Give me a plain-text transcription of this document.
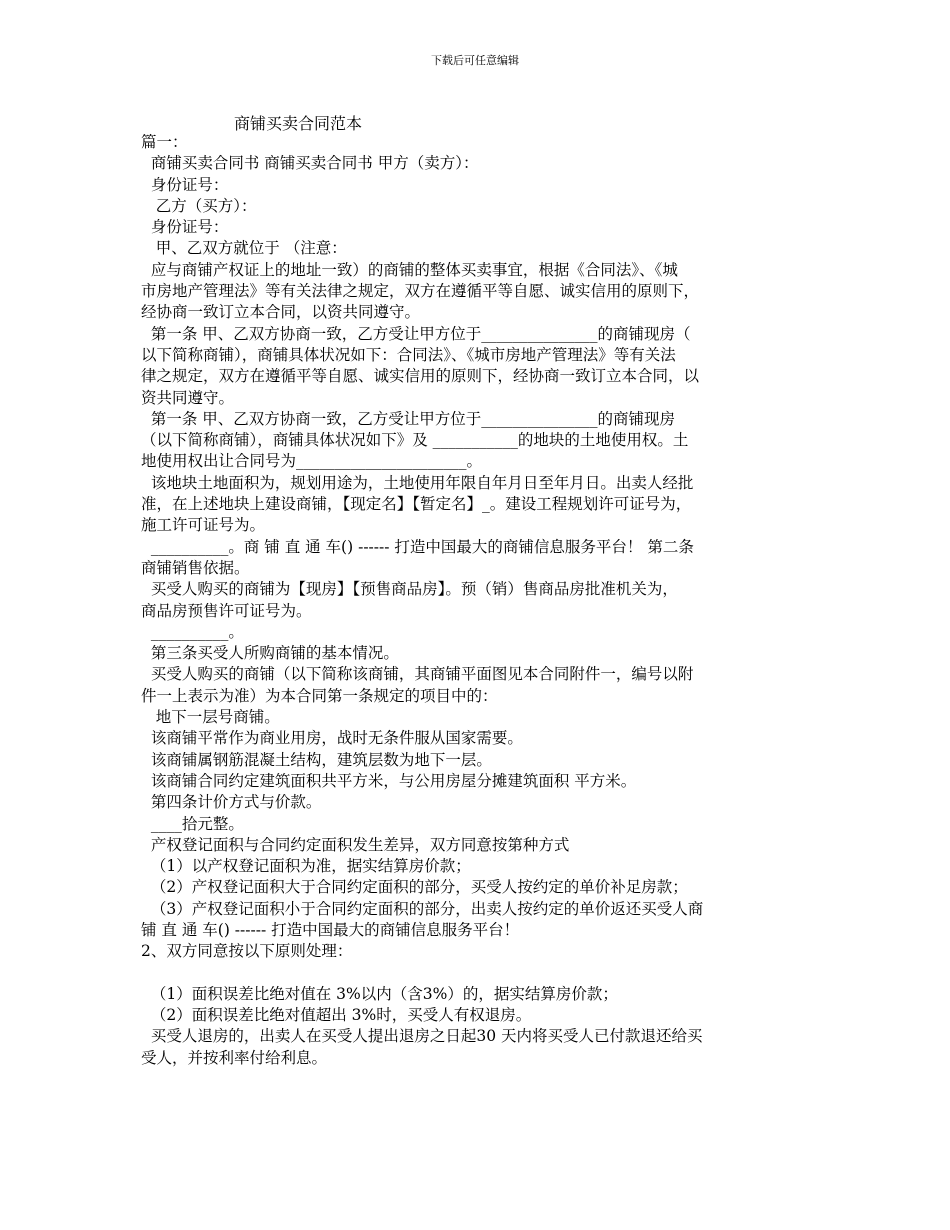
下载后可任意编辑
商铺买卖合同范本
篇一：
商铺买卖合同书 商铺买卖合同书 甲方（卖方）：
身份证号：
乙方（买方）：
身份证号：
甲、乙双方就位于 （注意：
应与商铺产权证上的地址一致）的商铺的整体买卖事宜，根据《合同法》、《城
市房地产管理法》等有关法律之规定，双方在遵循平等自愿、诚实信用的原则下，
经协商一致订立本合同，以资共同遵守。
第一条 甲、乙双方协商一致，乙方受让甲方位于_______________的商铺现房（
以下简称商铺），商铺具体状况如下：合同法》、《城市房地产管理法》等有关法
律之规定，双方在遵循平等自愿、诚实信用的原则下，经协商一致订立本合同，以
资共同遵守。
第一条 甲、乙双方协商一致，乙方受让甲方位于_______________的商铺现房
（以下简称商铺），商铺具体状况如下》及 ___________的地块的土地使用权。土
地使用权出让合同号为______________________。
该地块土地面积为，规划用途为，土地使用年限自年月日至年月日。出卖人经批
准，在上述地块上建设商铺，【现定名】【暂定名】_。建设工程规划许可证号为，
施工许可证号为。
__________。商 铺 直 通 车() ------ 打造中国最大的商铺信息服务平台！ 第二条
商铺销售依据。
买受人购买的商铺为【现房】【预售商品房】。预（销）售商品房批准机关为，
商品房预售许可证号为。
__________。
第三条买受人所购商铺的基本情况。
买受人购买的商铺（以下简称该商铺，其商铺平面图见本合同附件一，编号以附
件一上表示为准）为本合同第一条规定的项目中的：
地下一层号商铺。
该商铺平常作为商业用房，战时无条件服从国家需要。
该商铺属钢筋混凝土结构，建筑层数为地下一层。
该商铺合同约定建筑面积共平方米，与公用房屋分摊建筑面积 平方米。
第四条计价方式与价款。
____拾元整。
产权登记面积与合同约定面积发生差异，双方同意按第种方式
（1）以产权登记面积为准，据实结算房价款；
（2）产权登记面积大于合同约定面积的部分，买受人按约定的单价补足房款；
（3）产权登记面积小于合同约定面积的部分，出卖人按约定的单价返还买受人商
铺 直 通 车() ------ 打造中国最大的商铺信息服务平台！
2、双方同意按以下原则处理：
（1）面积误差比绝对值在 3%以内（含3%）的，据实结算房价款；
（2）面积误差比绝对值超出 3%时，买受人有权退房。
买受人退房的，出卖人在买受人提出退房之日起30 天内将买受人已付款退还给买
受人，并按利率付给利息。
